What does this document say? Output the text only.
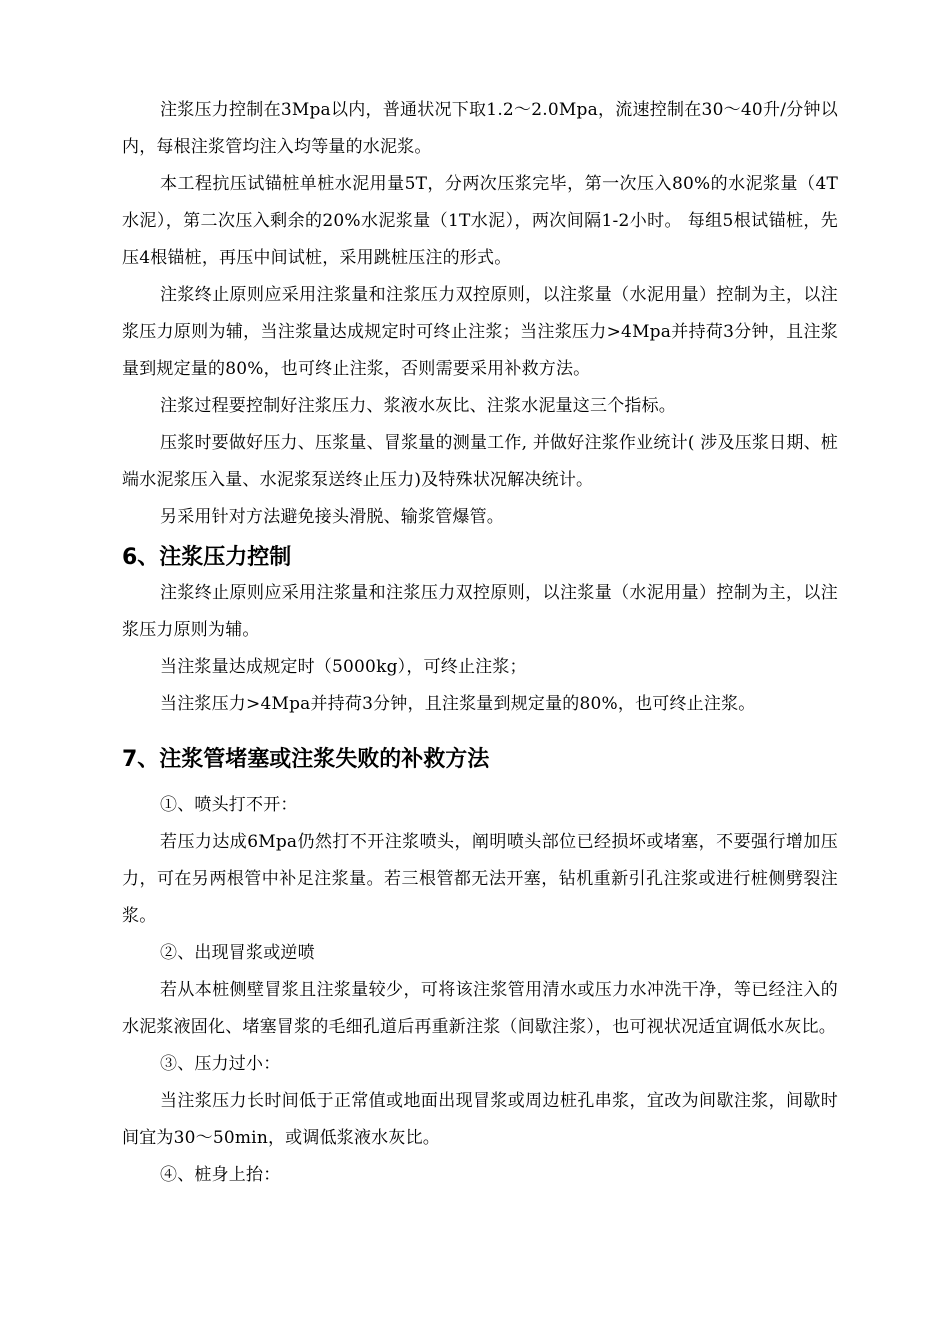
注浆压力控制在3Mpa以内，普通状况下取1.2～2.0Mpa，流速控制在30～40升/分钟以内，每根注浆管均注入均等量的水泥浆。

本工程抗压试锚桩单桩水泥用量5T，分两次压浆完毕，第一次压入80%的水泥浆量（4T水泥），第二次压入剩余的20%水泥浆量（1T水泥），两次间隔1-2小时。 每组5根试锚桩，先压4根锚桩，再压中间试桩，采用跳桩压注的形式。

注浆终止原则应采用注浆量和注浆压力双控原则，以注浆量（水泥用量）控制为主，以注浆压力原则为辅，当注浆量达成规定时可终止注浆；当注浆压力>4Mpa并持荷3分钟，且注浆量到规定量的80%，也可终止注浆，否则需要采用补救方法。

注浆过程要控制好注浆压力、浆液水灰比、注浆水泥量这三个指标。

压浆时要做好压力、压浆量、冒浆量的测量工作, 并做好注浆作业统计( 涉及压浆日期、桩端水泥浆压入量、水泥浆泵送终止压力)及特殊状况解决统计。

另采用针对方法避免接头滑脱、输浆管爆管。

6、注浆压力控制

注浆终止原则应采用注浆量和注浆压力双控原则，以注浆量（水泥用量）控制为主，以注浆压力原则为辅。

当注浆量达成规定时（5000kg），可终止注浆；

当注浆压力>4Mpa并持荷3分钟，且注浆量到规定量的80%，也可终止注浆。

7、注浆管堵塞或注浆失败的补救方法

①、喷头打不开：

若压力达成6Mpa仍然打不开注浆喷头，阐明喷头部位已经损坏或堵塞，不要强行增加压力，可在另两根管中补足注浆量。若三根管都无法开塞，钻机重新引孔注浆或进行桩侧劈裂注浆。

②、出现冒浆或逆喷

若从本桩侧壁冒浆且注浆量较少，可将该注浆管用清水或压力水冲洗干净，等已经注入的水泥浆液固化、堵塞冒浆的毛细孔道后再重新注浆（间歇注浆），也可视状况适宜调低水灰比。

③、压力过小：

当注浆压力长时间低于正常值或地面出现冒浆或周边桩孔串浆，宜改为间歇注浆，间歇时间宜为30～50min，或调低浆液水灰比。

④、桩身上抬：
